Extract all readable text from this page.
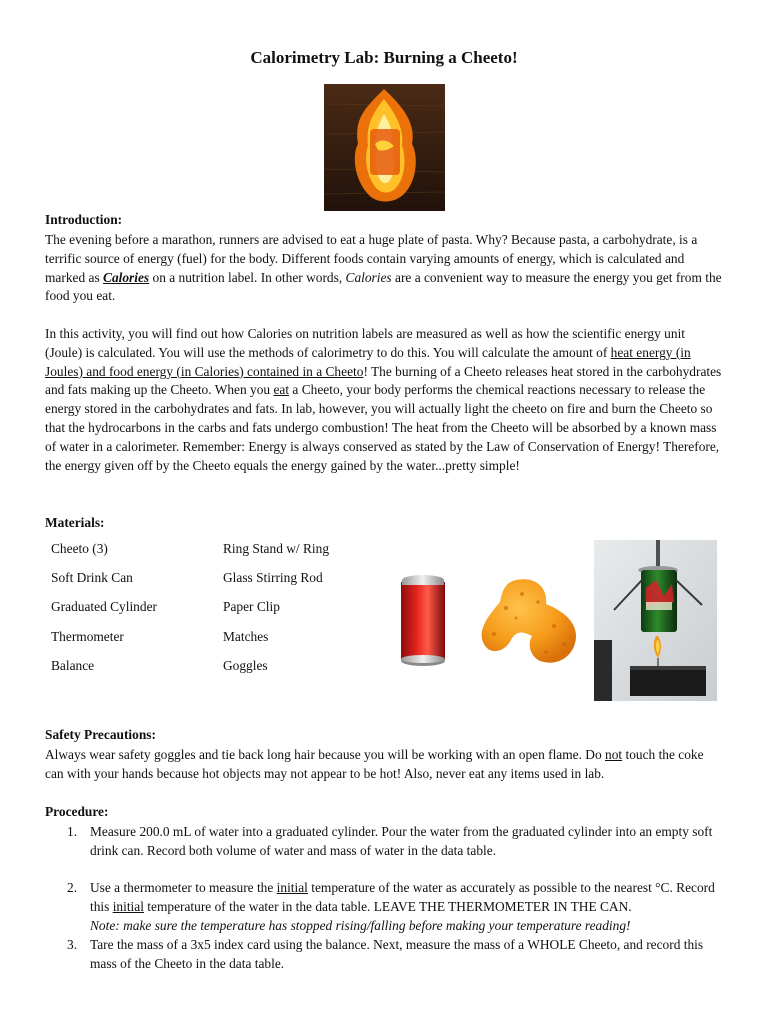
Calorimetry Lab: Burning a Cheeto!
Introduction:

The evening before a marathon, runners are advised to eat a huge plate of pasta. Why? Because pasta, a carbohydrate, is a terrific source of energy (fuel) for the body. Different foods contain varying amounts of energy, which is calculated and marked as Calories on a nutrition label. In other words, Calories are a convenient way to measure the energy you get from the food you eat.

In this activity, you will find out how Calories on nutrition labels are measured as well as how the scientific energy unit (Joule) is calculated. You will use the methods of calorimetry to do this. You will calculate the amount of heat energy (in Joules) and food energy (in Calories) contained in a Cheeto! The burning of a Cheeto releases heat stored in the carbohydrates and fats making up the Cheeto. When you eat a Cheeto, your body performs the chemical reactions necessary to release the energy stored in the carbohydrates and fats. In lab, however, you will actually light the cheeto on fire and burn the Cheeto so that the hydrocarbons in the carbs and fats undergo combustion! The heat from the Cheeto will be absorbed by a known mass of water in a calorimeter. Remember: Energy is always conserved as stated by the Law of Conservation of Energy! Therefore, the energy given off by the Cheeto equals the energy gained by the water...pretty simple!

Materials:
Cheeto (3)
Soft Drink Can
Graduated Cylinder
Thermometer
Balance
Ring Stand w/ Ring
Glass Stirring Rod
Paper Clip
Matches
Goggles
Safety Precautions:

Always wear safety goggles and tie back long hair because you will be working with an open flame. Do not touch the coke can with your hands because hot objects may not appear to be hot! Also, never eat any items used in lab.

Procedure:
1. Measure 200.0 mL of water into a graduated cylinder. Pour the water from the graduated cylinder into an empty soft drink can. Record both volume of water and mass of water in the data table.
2. Use a thermometer to measure the initial temperature of the water as accurately as possible to the nearest °C. Record this initial temperature of the water in the data table. LEAVE THE THERMOMETER IN THE CAN.
Note: make sure the temperature has stopped rising/falling before making your temperature reading!
3. Tare the mass of a 3x5 index card using the balance. Next, measure the mass of a WHOLE Cheeto, and record this mass of the Cheeto in the data table.
